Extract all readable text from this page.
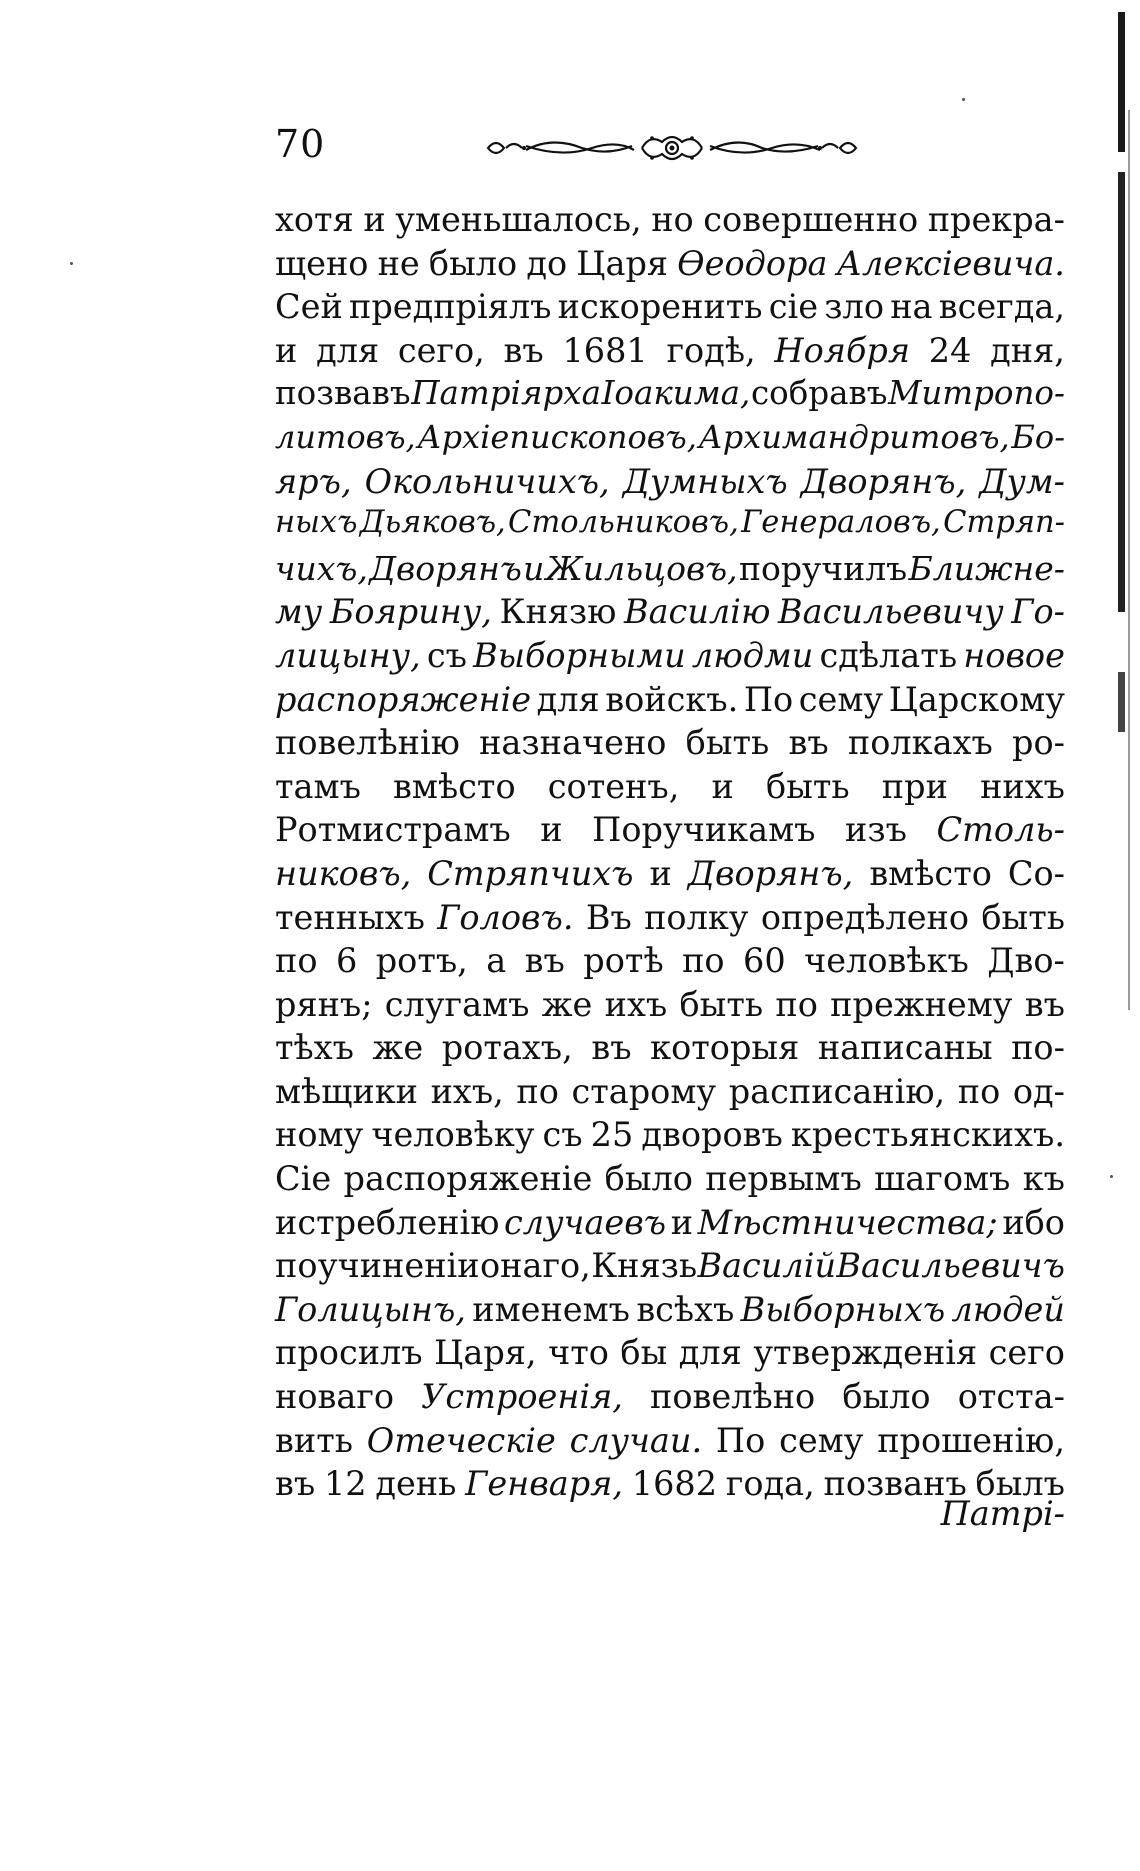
70
хотя и уменьшалось, но совершенно прекра-
щено не было до Царя Өеодора Алексіевича.
Сей предпріялъ искоренить сіе зло на всегда,
и для сего, въ 1681 годѣ, Ноября 24 дня,
позвавъ Патріярха Іоакима, собравъ Митропо-
литовъ, Архіепископовъ, Архимандритовъ, Бо-
яръ, Окольничихъ, Думныхъ Дворянъ, Дум-
ныхъ Дьяковъ, Стольниковъ, Генераловъ, Стряп-
чихъ, Дворянъ и Жильцовъ, поручилъ Ближне-
му Боярину, Князю Василію Васильевичу Го-
лицыну, съ Выборными людми сдѣлать новое
распоряженіе для войскъ. По сему Царскому
повелѣнію назначено быть въ полкахъ ро-
тамъ вмѣсто сотенъ, и быть при нихъ
Ротмистрамъ и Поручикамъ изъ Столь-
никовъ, Стряпчихъ и Дворянъ, вмѣсто Со-
тенныхъ Головъ. Въ полку опредѣлено быть
по 6 ротъ, а въ ротѣ по 60 человѣкъ Дво-
рянъ; слугамъ же ихъ быть по прежнему въ
тѣхъ же ротахъ, въ которыя написаны по-
мѣщики ихъ, по старому расписанію, по од-
ному человѣку съ 25 дворовъ крестьянскихъ.
Сіе распоряженіе было первымъ шагомъ къ
истребленію случаевъ и Мѣстничества; ибо
по учиненіи онаго, Князь Василій Васильевичъ
Голицынъ, именемъ всѣхъ Выборныхъ людей
просилъ Царя, что бы для утвержденія сего
новаго Устроенія, повелѣно было отста-
вить Отеческіе случаи. По сему прошенію,
въ 12 день Генваря, 1682 года, позванъ былъ
Патрі-
